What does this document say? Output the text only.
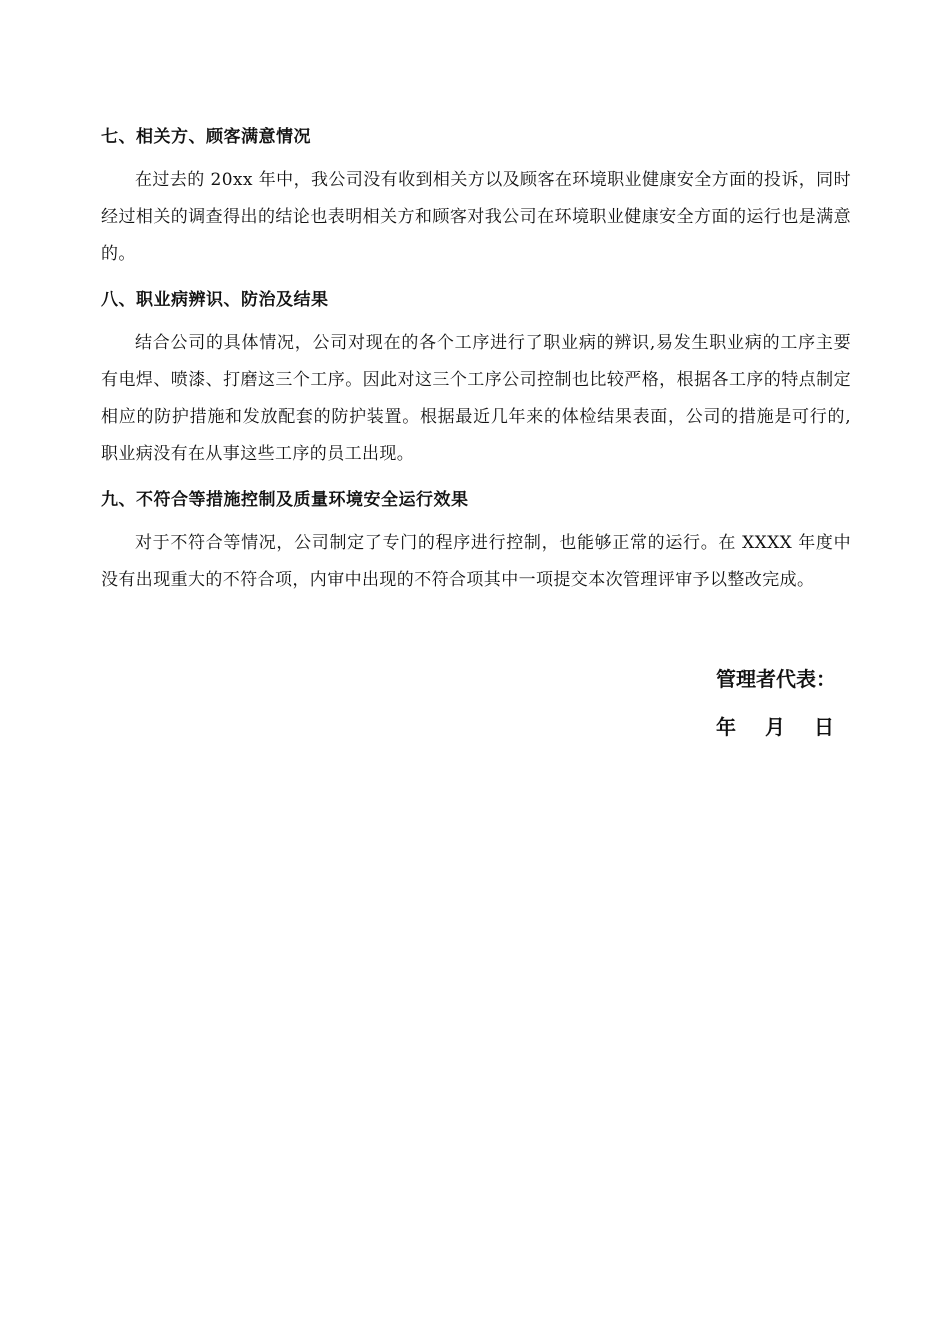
七、相关方、顾客满意情况

在过去的 20xx 年中，我公司没有收到相关方以及顾客在环境职业健康安全方面的投诉，同时经过相关的调查得出的结论也表明相关方和顾客对我公司在环境职业健康安全方面的运行也是满意的。

八、职业病辨识、防治及结果

结合公司的具体情况，公司对现在的各个工序进行了职业病的辨识,易发生职业病的工序主要有电焊、喷漆、打磨这三个工序。因此对这三个工序公司控制也比较严格，根据各工序的特点制定相应的防护措施和发放配套的防护装置。根据最近几年来的体检结果表面，公司的措施是可行的,职业病没有在从事这些工序的员工出现。

九、不符合等措施控制及质量环境安全运行效果

对于不符合等情况，公司制定了专门的程序进行控制，也能够正常的运行。在 XXXX 年度中没有出现重大的不符合项，内审中出现的不符合项其中一项提交本次管理评审予以整改完成。

管理者代表：
年 月 日
